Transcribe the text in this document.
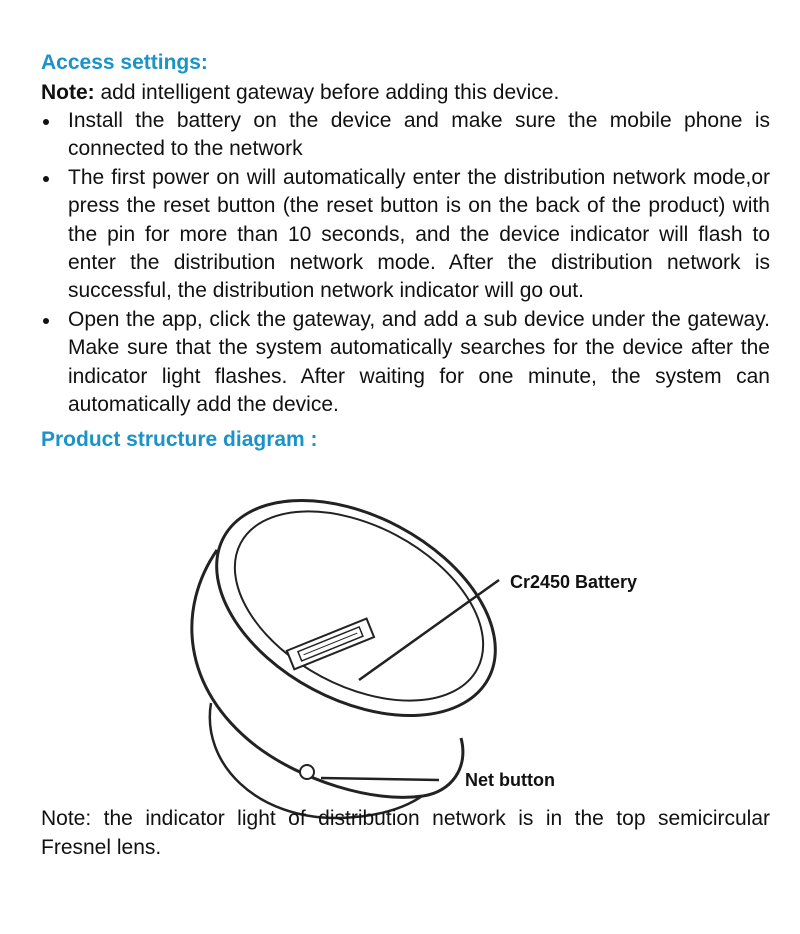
Access settings:

Note: add intelligent gateway before adding this device.

Install the battery on the device and make sure the mobile phone is connected to the network
The first power on will automatically enter the distribution network mode,or press the reset button (the reset button is on the back of the product) with the pin for more than 10 seconds, and the device indicator will flash to enter the distribution network mode. After the distribution network is successful, the distribution network indicator will go out.
Open the app, click the gateway, and add a sub device under the gateway. Make sure that the system automatically searches for the device after the indicator light flashes. After waiting for one minute, the system can automatically add the device.
Product structure diagram :
Cr2450 Battery
Net button

Note: the indicator light of distribution network is in the top semicircular Fresnel lens.
